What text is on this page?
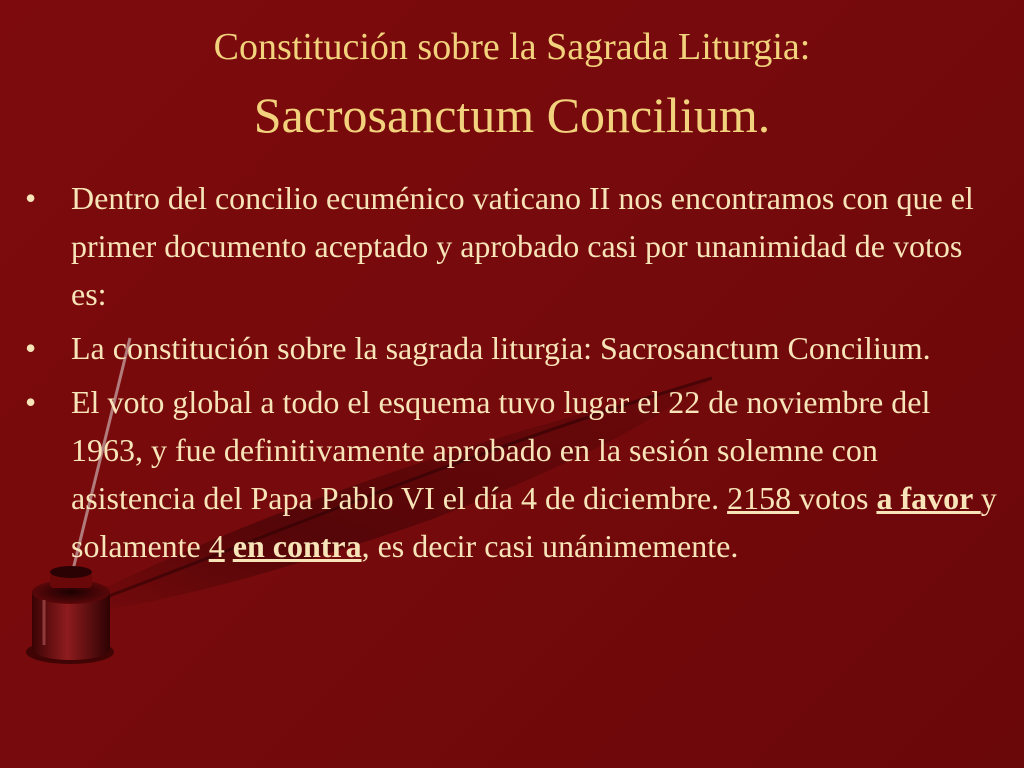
Constitución sobre la Sagrada Liturgia:
Sacrosanctum Concilium.
• Dentro del concilio ecuménico vaticano II nos encontramos con que el primer documento aceptado y aprobado casi por unanimidad de votos es:
• La constitución sobre la sagrada liturgia: Sacrosanctum Concilium.
• El voto global a todo el esquema tuvo lugar el 22 de noviembre del 1963, y fue definitivamente aprobado en la sesión solemne con asistencia del Papa Pablo VI el día 4 de diciembre. 2158 votos a favor y solamente 4 en contra, es decir casi unánimemente.
